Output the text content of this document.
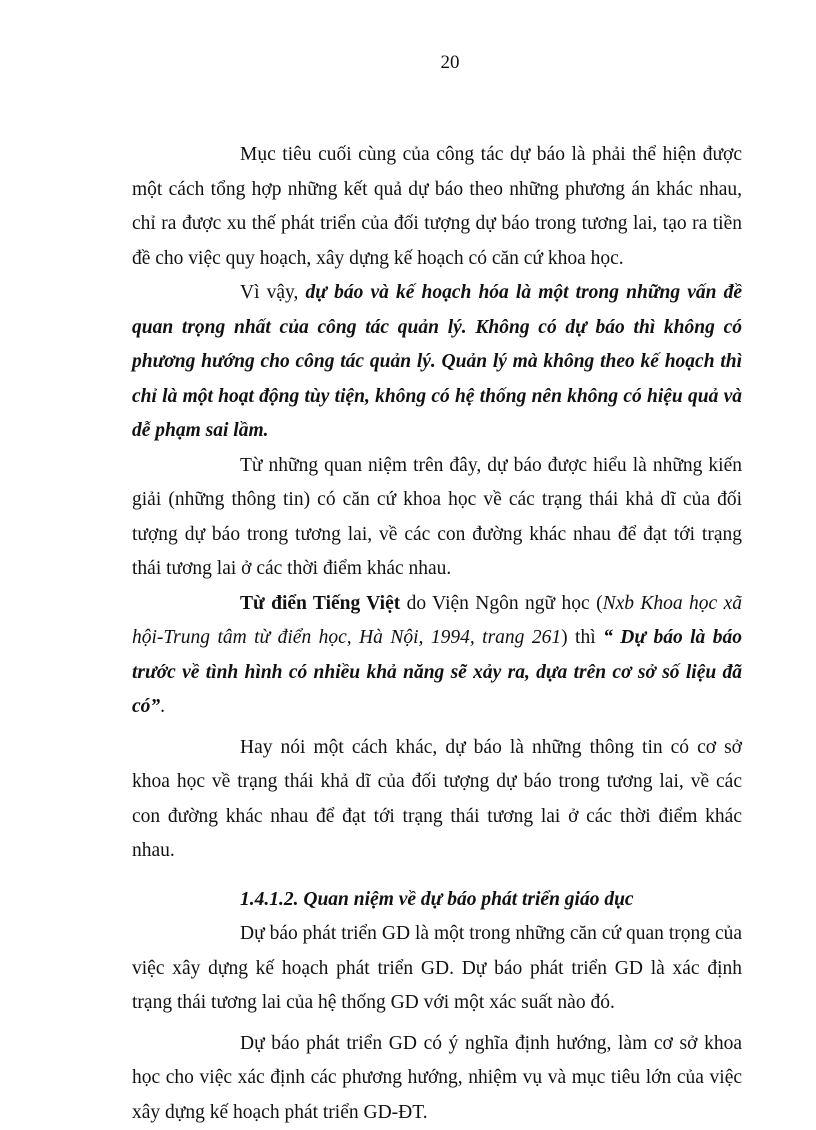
20

Mục tiêu cuối cùng của công tác dự báo là phải thể hiện được một cách tổng hợp những kết quả dự báo theo những phương án khác nhau, chỉ ra được xu thế phát triển của đối tượng dự báo trong tương lai, tạo ra tiền đề cho việc quy hoạch, xây dựng kế hoạch có căn cứ khoa học.

Vì vậy, dự báo và kế hoạch hóa là một trong những vấn đề quan trọng nhất của công tác quản lý. Không có dự báo thì không có phương hướng cho công tác quản lý. Quản lý mà không theo kế hoạch thì chỉ là một hoạt động tùy tiện, không có hệ thống nên không có hiệu quả và dễ phạm sai lầm.

Từ những quan niệm trên đây, dự báo được hiểu là những kiến giải (những thông tin) có căn cứ khoa học về các trạng thái khả dĩ của đối tượng dự báo trong tương lai, về các con đường khác nhau để đạt tới trạng thái tương lai ở các thời điểm khác nhau.

Từ điển Tiếng Việt do Viện Ngôn ngữ học (Nxb Khoa học xã hội-Trung tâm từ điển học, Hà Nội, 1994, trang 261) thì “ Dự báo là báo trước về tình hình có nhiều khả năng sẽ xảy ra, dựa trên cơ sở số liệu đã có”.

Hay nói một cách khác, dự báo là những thông tin có cơ sở khoa học về trạng thái khả dĩ của đối tượng dự báo trong tương lai, về các con đường khác nhau để đạt tới trạng thái tương lai ở các thời điểm khác nhau.

1.4.1.2. Quan niệm về dự báo phát triển giáo dục

Dự báo phát triển GD là một trong những căn cứ quan trọng của việc xây dựng kế hoạch phát triển GD. Dự báo phát triển GD là xác định trạng thái tương lai của hệ thống GD với một xác suất nào đó.

Dự báo phát triển GD có ý nghĩa định hướng, làm cơ sở khoa học cho việc xác định các phương hướng, nhiệm vụ và mục tiêu lớn của việc xây dựng kế hoạch phát triển GD-ĐT.
